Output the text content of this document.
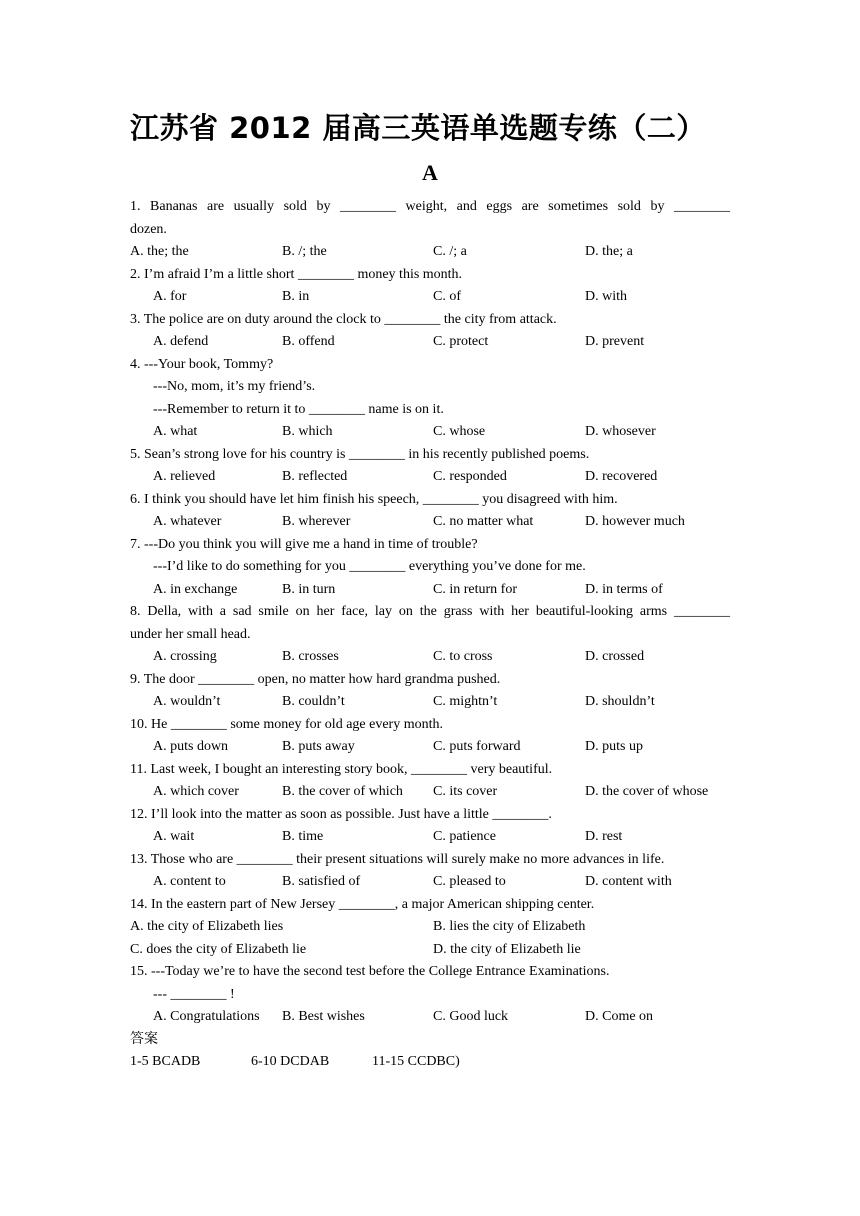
江苏省 2012 届高三英语单选题专练（二）
A
1. Bananas are usually sold by ________ weight, and eggs are sometimes sold by ________
dozen.
A. the; the	B. /; the	C. /; a	D. the; a
2. I’m afraid I’m a little short ________ money this month.
A. for	B. in	C. of	D. with
3. The police are on duty around the clock to ________ the city from attack.
A. defend	B. offend	C. protect	D. prevent
4. ---Your book, Tommy?
---No, mom, it’s my friend’s.
---Remember to return it to ________ name is on it.
A. what	B. which	C. whose	D. whosever
5. Sean’s strong love for his country is ________ in his recently published poems.
A. relieved	B. reflected	C. responded	D. recovered
6. I think you should have let him finish his speech, ________ you disagreed with him.
A. whatever	B. wherever	C. no matter what	D. however much
7. ---Do you think you will give me a hand in time of trouble?
---I’d like to do something for you ________ everything you’ve done for me.
A. in exchange	B. in turn	C. in return for	D. in terms of
8. Della, with a sad smile on her face, lay on the grass with her beautiful-looking arms ________
under her small head.
A. crossing	B. crosses	C. to cross	D. crossed
9. The door ________ open, no matter how hard grandma pushed.
A. wouldn’t	B. couldn’t	C. mightn’t	D. shouldn’t
10. He ________ some money for old age every month.
A. puts down	B. puts away	C. puts forward	D. puts up
11. Last week, I bought an interesting story book, ________ very beautiful.
A. which cover	B. the cover of which C. its cover	D. the cover of whose
12. I’ll look into the matter as soon as possible. Just have a little ________.
A. wait	B. time	C. patience	D. rest
13. Those who are ________ their present situations will surely make no more advances in life.
A. content to	B. satisfied of	C. pleased to	D. content with
14. In the eastern part of New Jersey ________, a major American shipping center.
A. the city of Elizabeth lies	B. lies the city of Elizabeth
C. does the city of Elizabeth lie	D. the city of Elizabeth lie
15. ---Today we’re to have the second test before the College Entrance Examinations.
--- ________ !
A. Congratulations B. Best wishes	C. Good luck	D. Come on
答案
1-5 BCADB	6-10 DCDAB	11-15 CCDBC)
